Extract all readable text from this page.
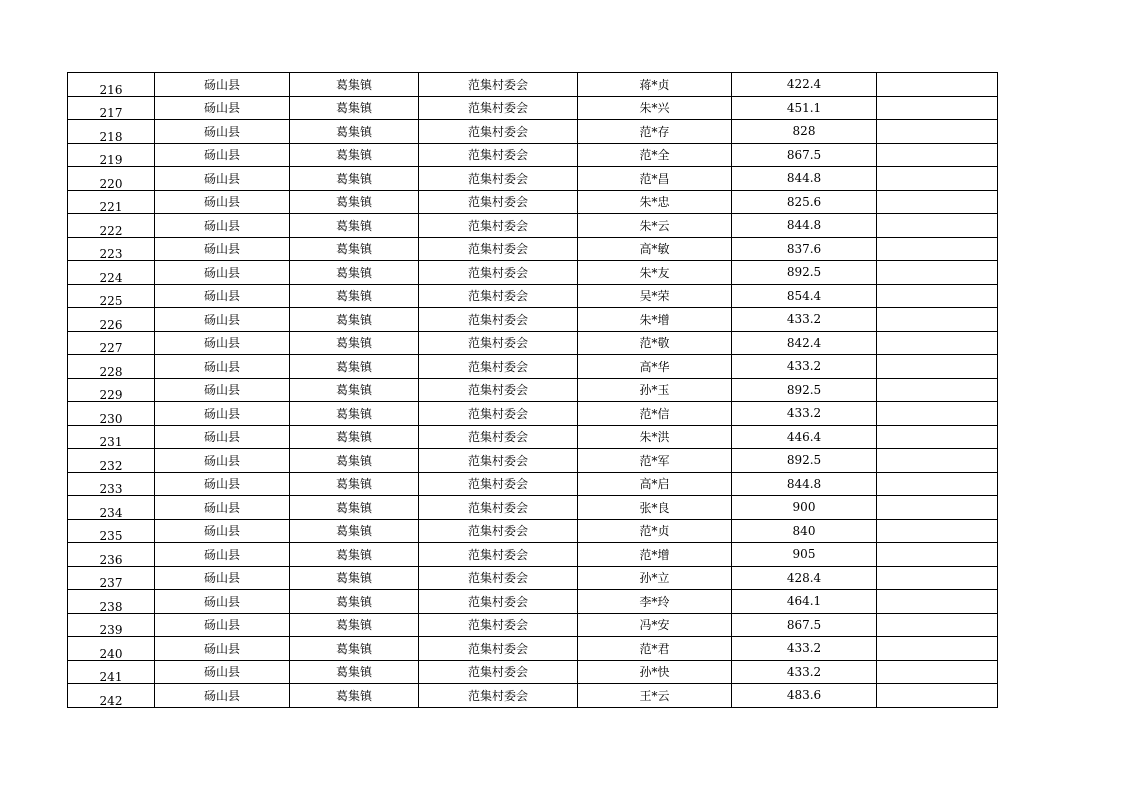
216	砀山县	葛集镇	范集村委会	蒋*贞	422.4	
217	砀山县	葛集镇	范集村委会	朱*兴	451.1	
218	砀山县	葛集镇	范集村委会	范*存	828	
219	砀山县	葛集镇	范集村委会	范*全	867.5	
220	砀山县	葛集镇	范集村委会	范*昌	844.8	
221	砀山县	葛集镇	范集村委会	朱*忠	825.6	
222	砀山县	葛集镇	范集村委会	朱*云	844.8	
223	砀山县	葛集镇	范集村委会	高*敏	837.6	
224	砀山县	葛集镇	范集村委会	朱*友	892.5	
225	砀山县	葛集镇	范集村委会	吴*荣	854.4	
226	砀山县	葛集镇	范集村委会	朱*增	433.2	
227	砀山县	葛集镇	范集村委会	范*敬	842.4	
228	砀山县	葛集镇	范集村委会	高*华	433.2	
229	砀山县	葛集镇	范集村委会	孙*玉	892.5	
230	砀山县	葛集镇	范集村委会	范*信	433.2	
231	砀山县	葛集镇	范集村委会	朱*洪	446.4	
232	砀山县	葛集镇	范集村委会	范*军	892.5	
233	砀山县	葛集镇	范集村委会	高*启	844.8	
234	砀山县	葛集镇	范集村委会	张*良	900	
235	砀山县	葛集镇	范集村委会	范*贞	840	
236	砀山县	葛集镇	范集村委会	范*增	905	
237	砀山县	葛集镇	范集村委会	孙*立	428.4	
238	砀山县	葛集镇	范集村委会	李*玲	464.1	
239	砀山县	葛集镇	范集村委会	冯*安	867.5	
240	砀山县	葛集镇	范集村委会	范*君	433.2	
241	砀山县	葛集镇	范集村委会	孙*快	433.2	
242	砀山县	葛集镇	范集村委会	王*云	483.6	
